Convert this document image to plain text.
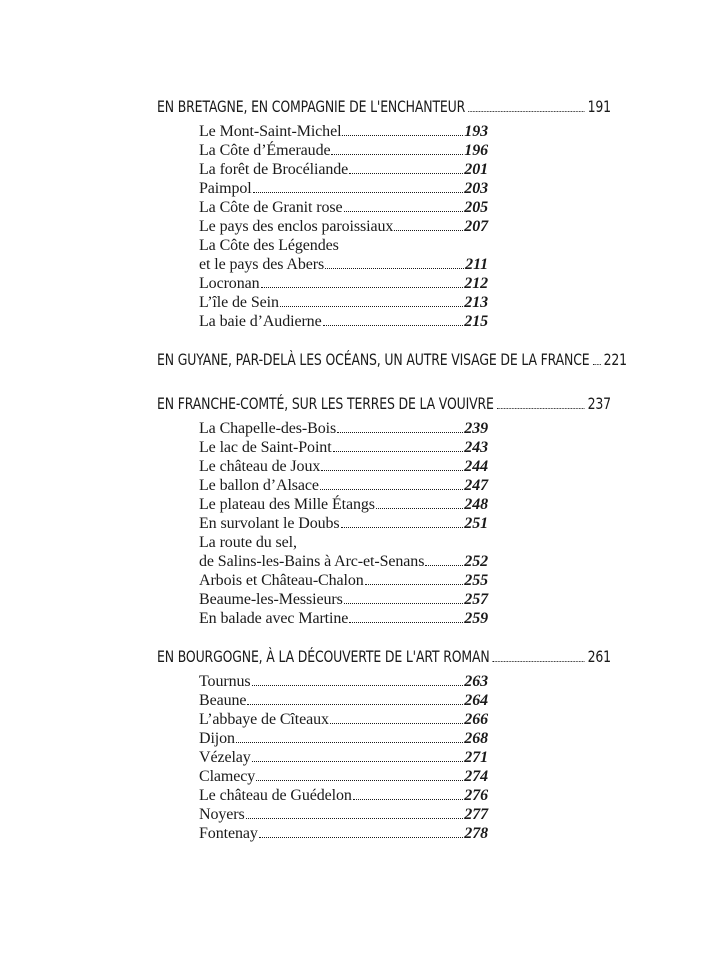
EN BRETAGNE, EN COMPAGNIE DE L'ENCHANTEUR	191
Le Mont-Saint-Michel	193
La Côte d’Émeraude	196
La forêt de Brocéliande	201
Paimpol	203
La Côte de Granit rose	205
Le pays des enclos paroissiaux	207
La Côte des Légendes
et le pays des Abers	211
Locronan	212
L’île de Sein	213
La baie d’Audierne	215
EN GUYANE, PAR-DELÀ LES OCÉANS, UN AUTRE VISAGE DE LA FRANCE 221
EN FRANCHE-COMTÉ, SUR LES TERRES DE LA VOUIVRE	237
La Chapelle-des-Bois	239
Le lac de Saint-Point	243
Le château de Joux	244
Le ballon d’Alsace	247
Le plateau des Mille Étangs	248
En survolant le Doubs	251
La route du sel,
de Salins-les-Bains à Arc-et-Senans 252
Arbois et Château-Chalon	255
Beaume-les-Messieurs	257
En balade avec Martine	259
EN BOURGOGNE, À LA DÉCOUVERTE DE L'ART ROMAN	261
Tournus	263
Beaune	264
L’abbaye de Cîteaux	266
Dijon	268
Vézelay	271
Clamecy	274
Le château de Guédelon	276
Noyers	277
Fontenay	278
